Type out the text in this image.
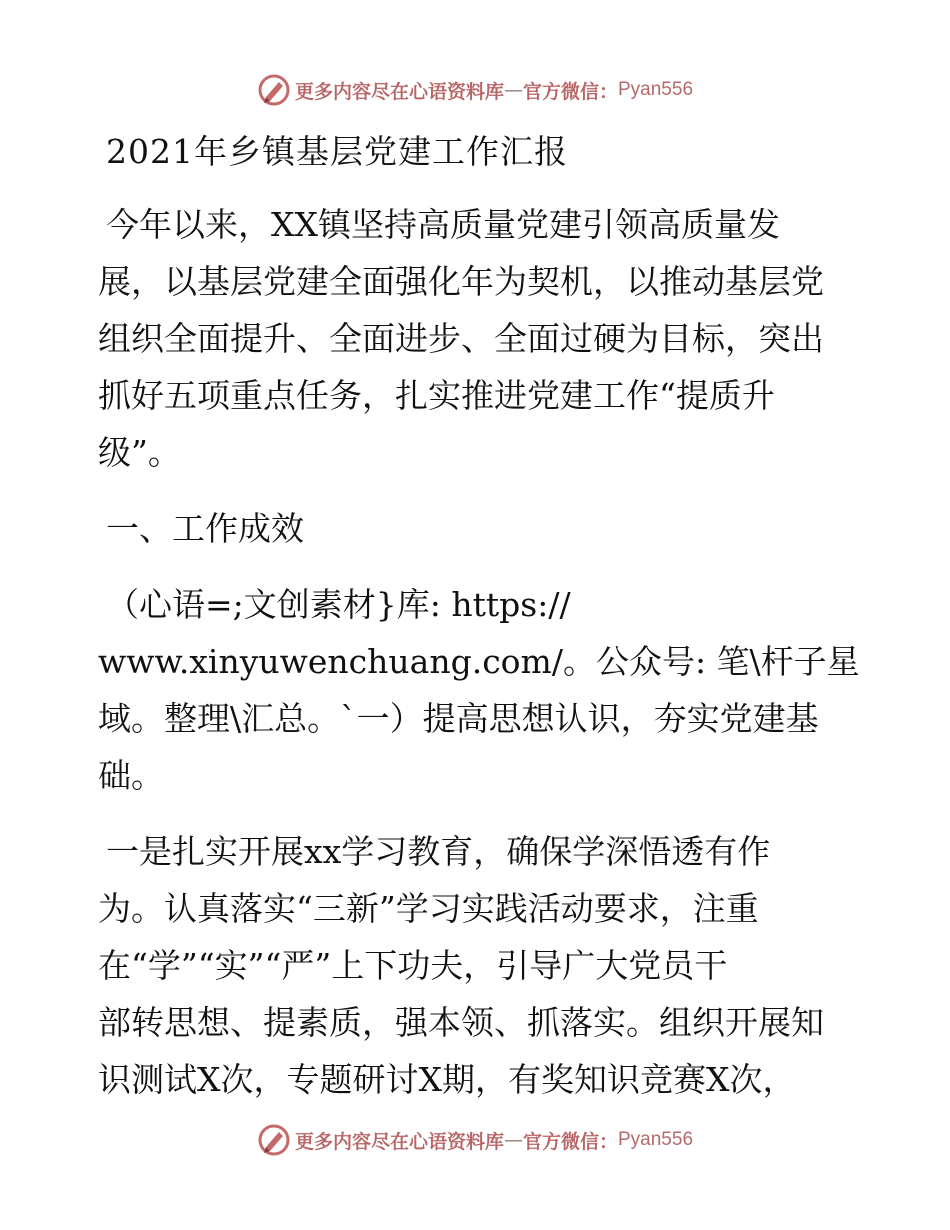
更多内容尽在心语资料库 — 官方微信： Pyan556
2021年乡镇基层党建工作汇报
今年以来，XX镇坚持高质量党建引领高质量发
展，以基层党建全面强化年为契机，以推动基层党
组织全面提升、全面进步、全面过硬为目标，突出
抓好五项重点任务，扎实推进党建工作“提质升
级”。
一、工作成效
（心语=;文创素材}库: https://
www.xinyuwenchuang.com/。公众号: 笔\杆子星
域。整理\汇总。`一）提高思想认识，夯实党建基
础。
一是扎实开展xx学习教育，确保学深悟透有作
为。认真落实“三新”学习实践活动要求，注重
在“学”“实”“严”上下功夫，引导广大党员干
部转思想、提素质，强本领、抓落实。组织开展知
识测试X次，专题研讨X期，有奖知识竞赛X次，
更多内容尽在心语资料库 — 官方微信： Pyan556
